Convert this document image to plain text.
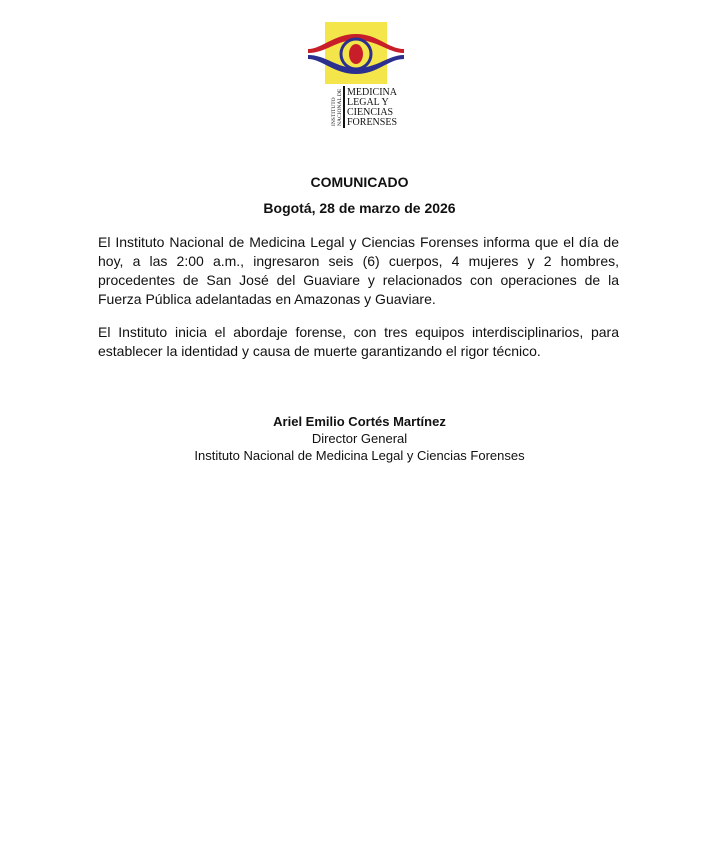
INSTITUTO NACIONAL DE MEDICINA
LEGAL Y
CIENCIAS
FORENSES
COMUNICADO

Bogotá, 28 de marzo de 2026

El Instituto Nacional de Medicina Legal y Ciencias Forenses informa que el día de hoy, a las 2:00 a.m., ingresaron seis (6) cuerpos, 4 mujeres y 2 hombres, procedentes de San José del Guaviare y relacionados con operaciones de la Fuerza Pública adelantadas en Amazonas y Guaviare.

El Instituto inicia el abordaje forense, con tres equipos interdisciplinarios, para establecer la identidad y causa de muerte garantizando el rigor técnico.

Ariel Emilio Cortés Martínez

Director General

Instituto Nacional de Medicina Legal y Ciencias Forenses
